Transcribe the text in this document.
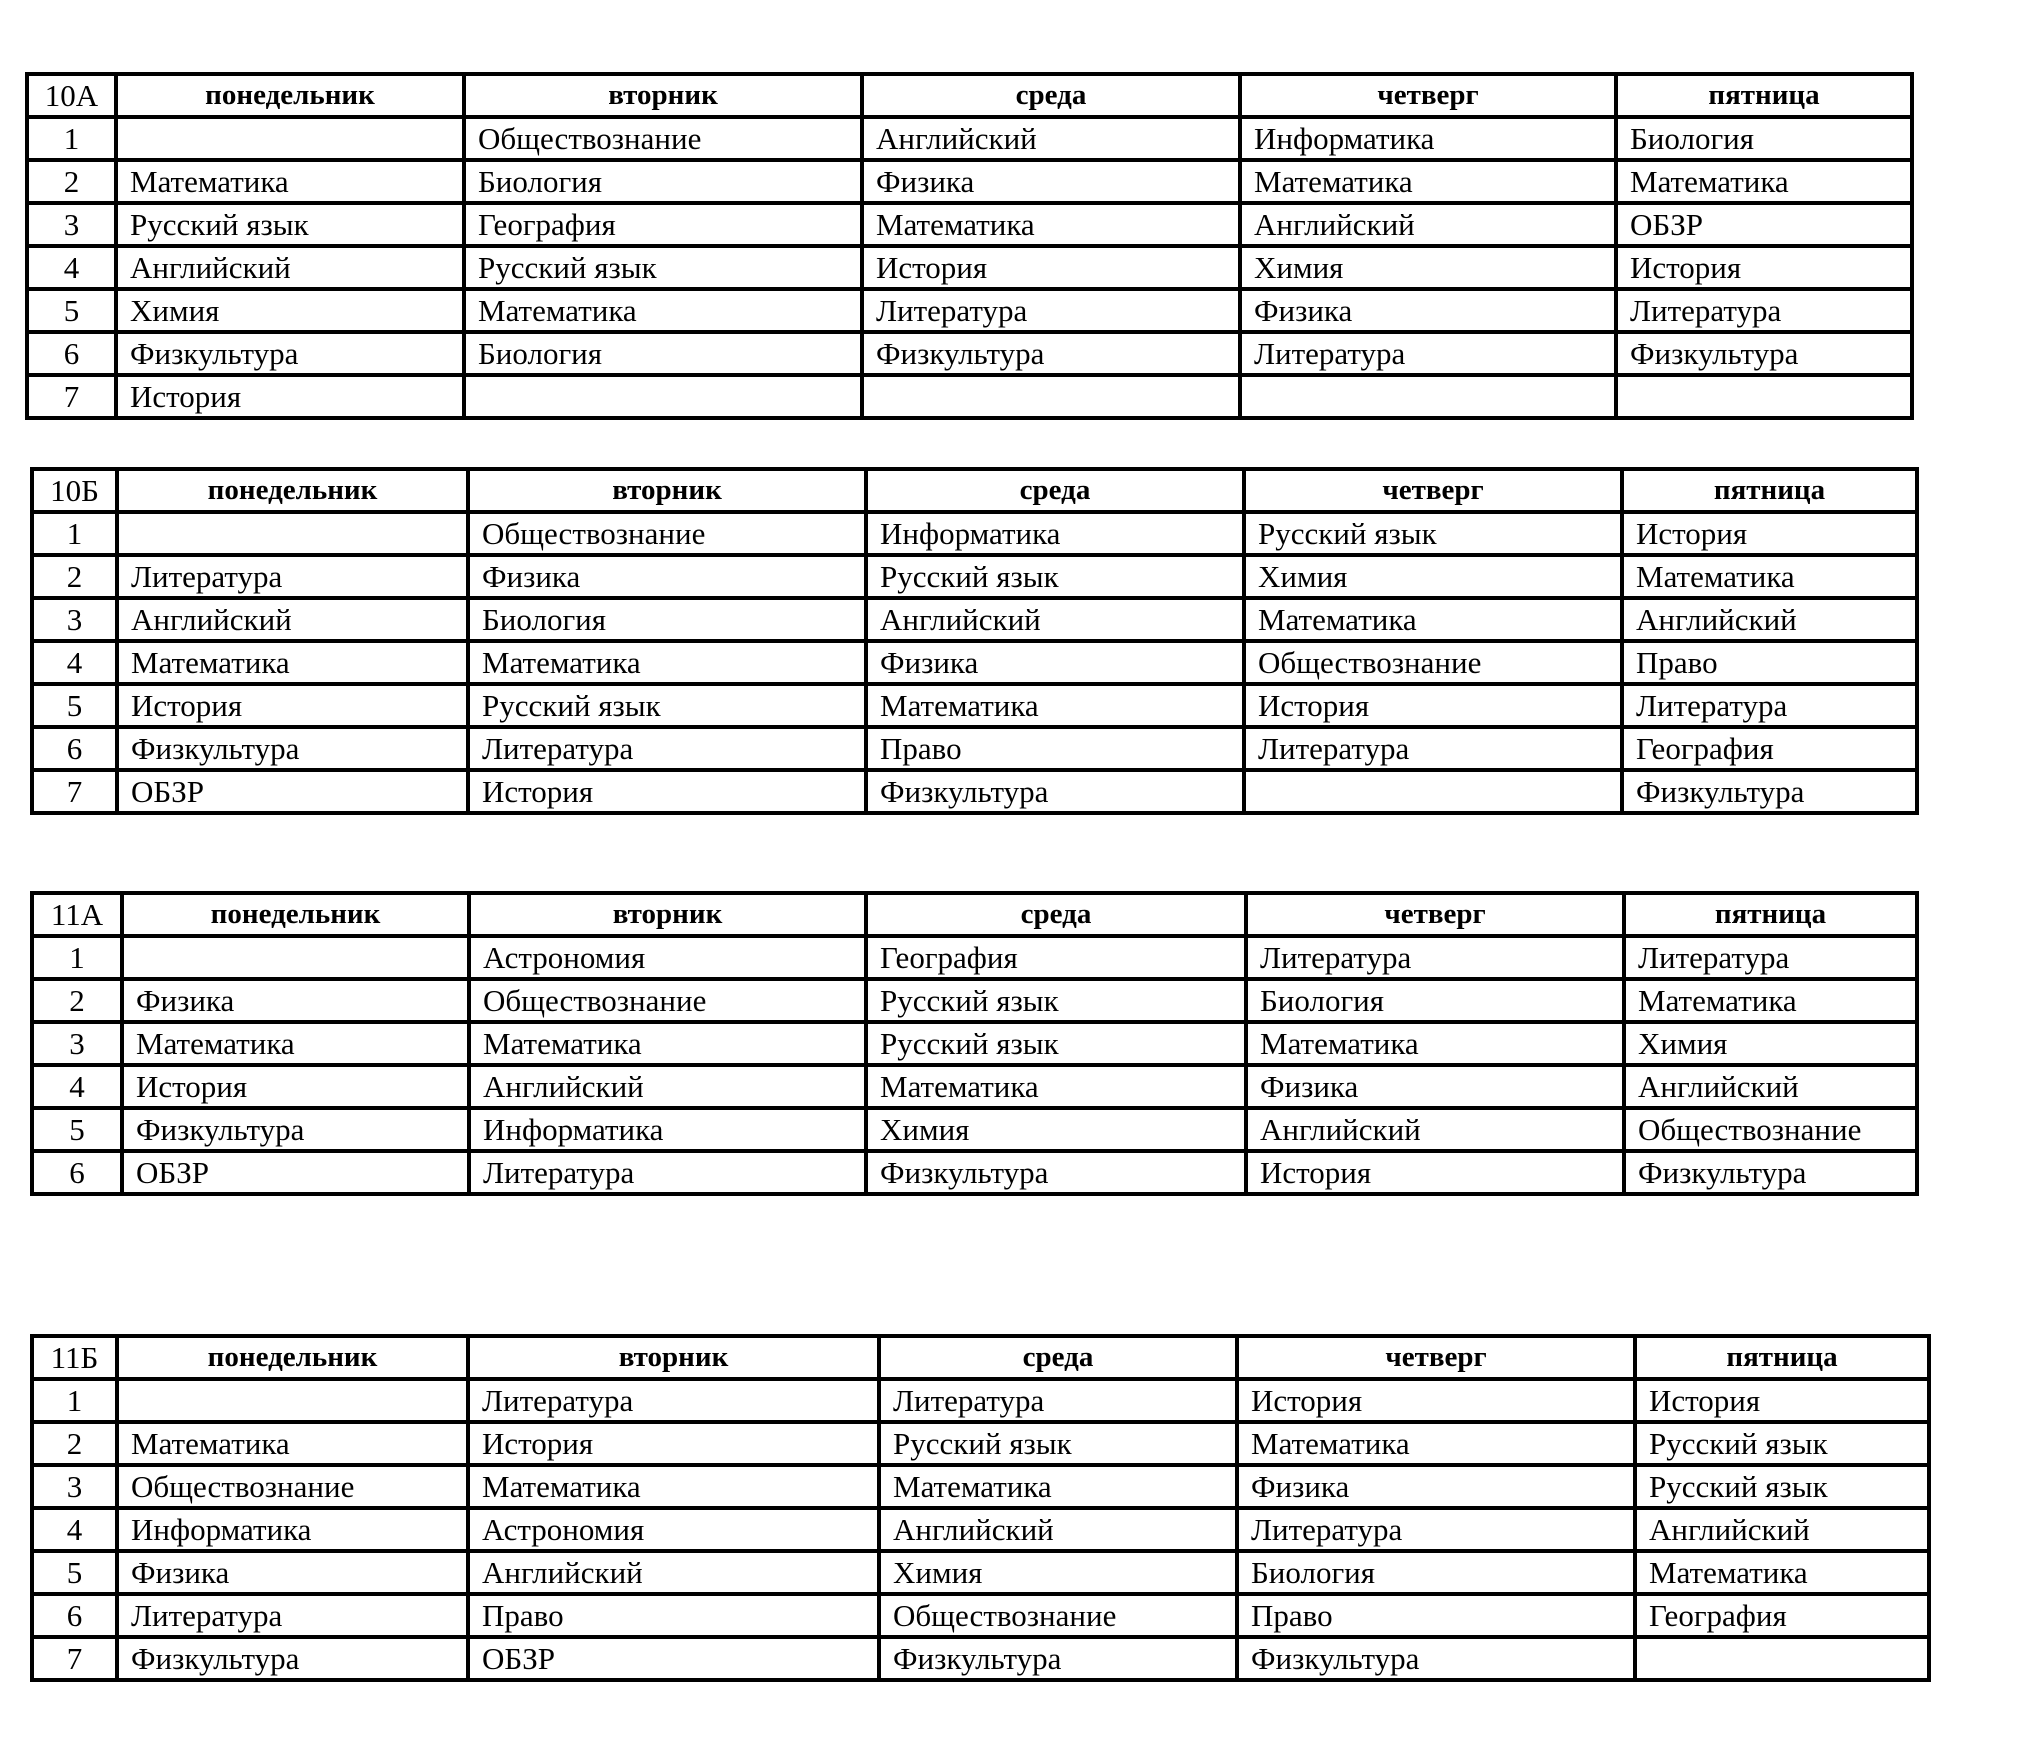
10А	понедельник	вторник	среда	четверг	пятница
1		Обществознание	Английский	Информатика	Биология
2	Математика	Биология	Физика	Математика	Математика
3	Русский язык	География	Математика	Английский	ОБЗР
4	Английский	Русский язык	История	Химия	История
5	Химия	Математика	Литература	Физика	Литература
6	Физкультура	Биология	Физкультура	Литература	Физкультура
7	История				
10Б	понедельник	вторник	среда	четверг	пятница
1		Обществознание	Информатика	Русский язык	История
2	Литература	Физика	Русский язык	Химия	Математика
3	Английский	Биология	Английский	Математика	Английский
4	Математика	Математика	Физика	Обществознание	Право
5	История	Русский язык	Математика	История	Литература
6	Физкультура	Литература	Право	Литература	География
7	ОБЗР	История	Физкультура		Физкультура
11А	понедельник	вторник	среда	четверг	пятница
1		Астрономия	География	Литература	Литература
2	Физика	Обществознание	Русский язык	Биология	Математика
3	Математика	Математика	Русский язык	Математика	Химия
4	История	Английский	Математика	Физика	Английский
5	Физкультура	Информатика	Химия	Английский	Обществознание
6	ОБЗР	Литература	Физкультура	История	Физкультура
11Б	понедельник	вторник	среда	четверг	пятница
1		Литература	Литература	История	История
2	Математика	История	Русский язык	Математика	Русский язык
3	Обществознание	Математика	Математика	Физика	Русский язык
4	Информатика	Астрономия	Английский	Литература	Английский
5	Физика	Английский	Химия	Биология	Математика
6	Литература	Право	Обществознание	Право	География
7	Физкультура	ОБЗР	Физкультура	Физкультура	
